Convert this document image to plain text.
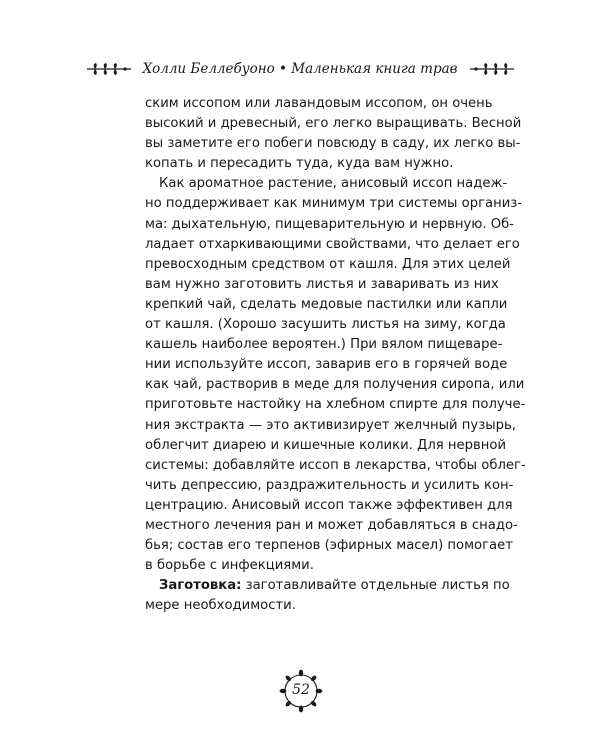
Холли Беллебуоно • Маленькая книга трав
ским иссопом или лавандовым иссопом, он очень
высокий и древесный, его легко выращивать. Весной
вы заметите его побеги повсюду в саду, их легко вы-
копать и пересадить туда, куда вам нужно.
Как ароматное растение, анисовый иссоп надеж-
но поддерживает как минимум три системы организ-
ма: дыхательную, пищеварительную и нервную. Об-
ладает отхаркивающими свойствами, что делает его
превосходным средством от кашля. Для этих целей
вам нужно заготовить листья и заваривать из них
крепкий чай, сделать медовые пастилки или капли
от кашля. (Хорошо засушить листья на зиму, когда
кашель наиболее вероятен.) При вялом пищеваре-
нии используйте иссоп, заварив его в горячей воде
как чай, растворив в меде для получения сиропа, или
приготовьте настойку на хлебном спирте для получе-
ния экстракта — это активизирует желчный пузырь,
облегчит диарею и кишечные колики. Для нервной
системы: добавляйте иссоп в лекарства, чтобы облег-
чить депрессию, раздражительность и усилить кон-
центрацию. Анисовый иссоп также эффективен для
местного лечения ран и может добавляться в снадо-
бья; состав его терпенов (эфирных масел) помогает
в борьбе с инфекциями.
Заготовка: заготавливайте отдельные листья по
мере необходимости.
52
